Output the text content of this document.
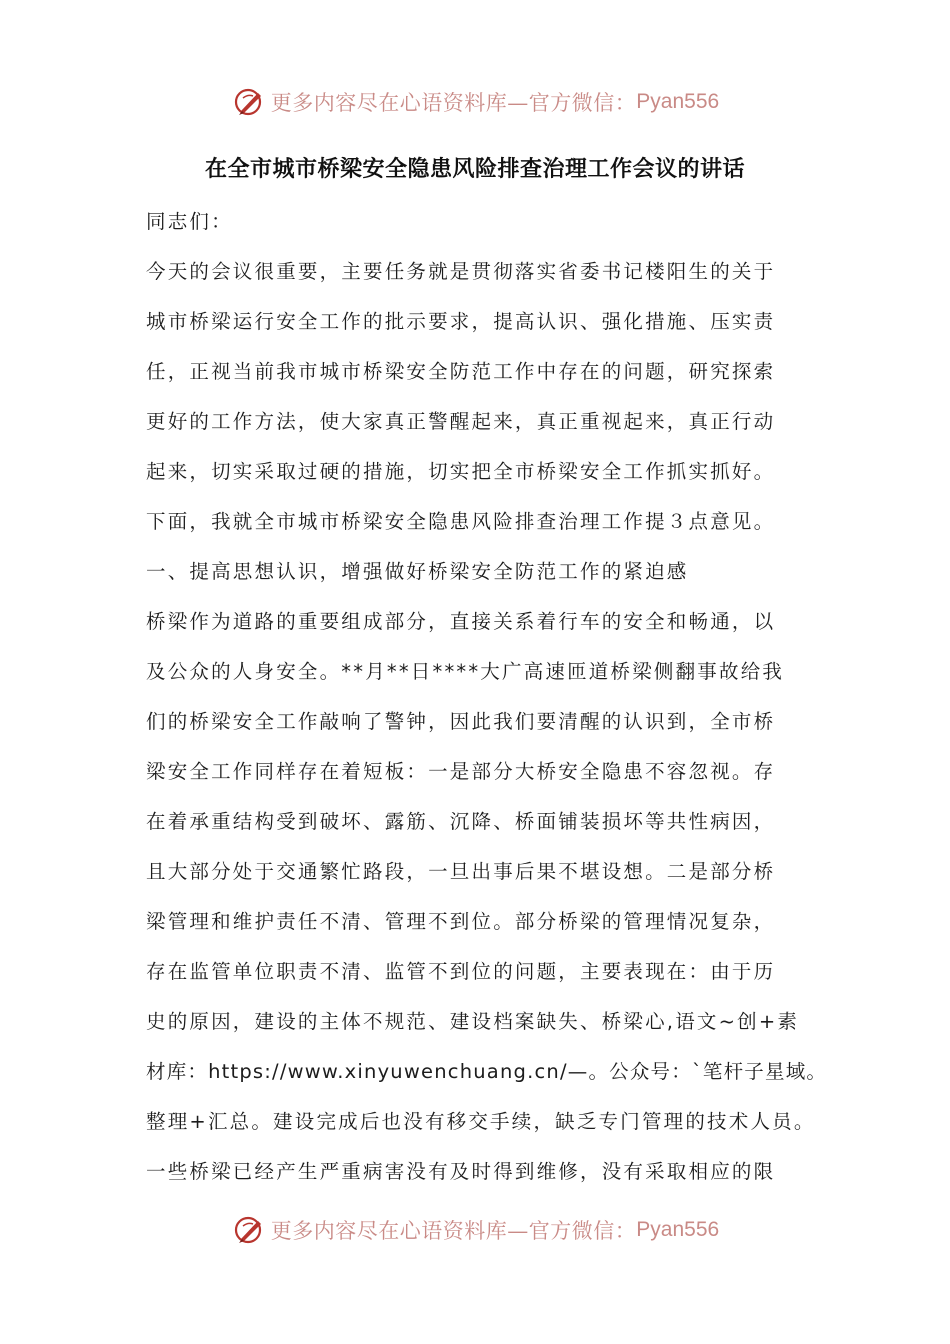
更多内容尽在心语资料库—官方微信： Pyan556
在全市城市桥梁安全隐患风险排查治理工作会议的讲话
同志们：
今天的会议很重要，主要任务就是贯彻落实省委书记楼阳生的关于
城市桥梁运行安全工作的批示要求，提高认识、强化措施、压实责
任，正视当前我市城市桥梁安全防范工作中存在的问题，研究探索
更好的工作方法，使大家真正警醒起来，真正重视起来，真正行动
起来，切实采取过硬的措施，切实把全市桥梁安全工作抓实抓好。
下面，我就全市城市桥梁安全隐患风险排查治理工作提３点意见。
一、提高思想认识，增强做好桥梁安全防范工作的紧迫感
桥梁作为道路的重要组成部分，直接关系着行车的安全和畅通，以
及公众的人身安全。**月**日****大广高速匝道桥梁侧翻事故给我
们的桥梁安全工作敲响了警钟，因此我们要清醒的认识到，全市桥
梁安全工作同样存在着短板：一是部分大桥安全隐患不容忽视。存
在着承重结构受到破坏、露筋、沉降、桥面铺装损坏等共性病因，
且大部分处于交通繁忙路段，一旦出事后果不堪设想。二是部分桥
梁管理和维护责任不清、管理不到位。部分桥梁的管理情况复杂，
存在监管单位职责不清、监管不到位的问题，主要表现在：由于历
史的原因，建设的主体不规范、建设档案缺失、桥梁心,语文~创+素
材库：https://www.xinyuwenchuang.cn/—。公众号：`笔杆子星域。
整理+汇总。建设完成后也没有移交手续，缺乏专门管理的技术人员。
一些桥梁已经产生严重病害没有及时得到维修，没有采取相应的限
更多内容尽在心语资料库—官方微信： Pyan556
